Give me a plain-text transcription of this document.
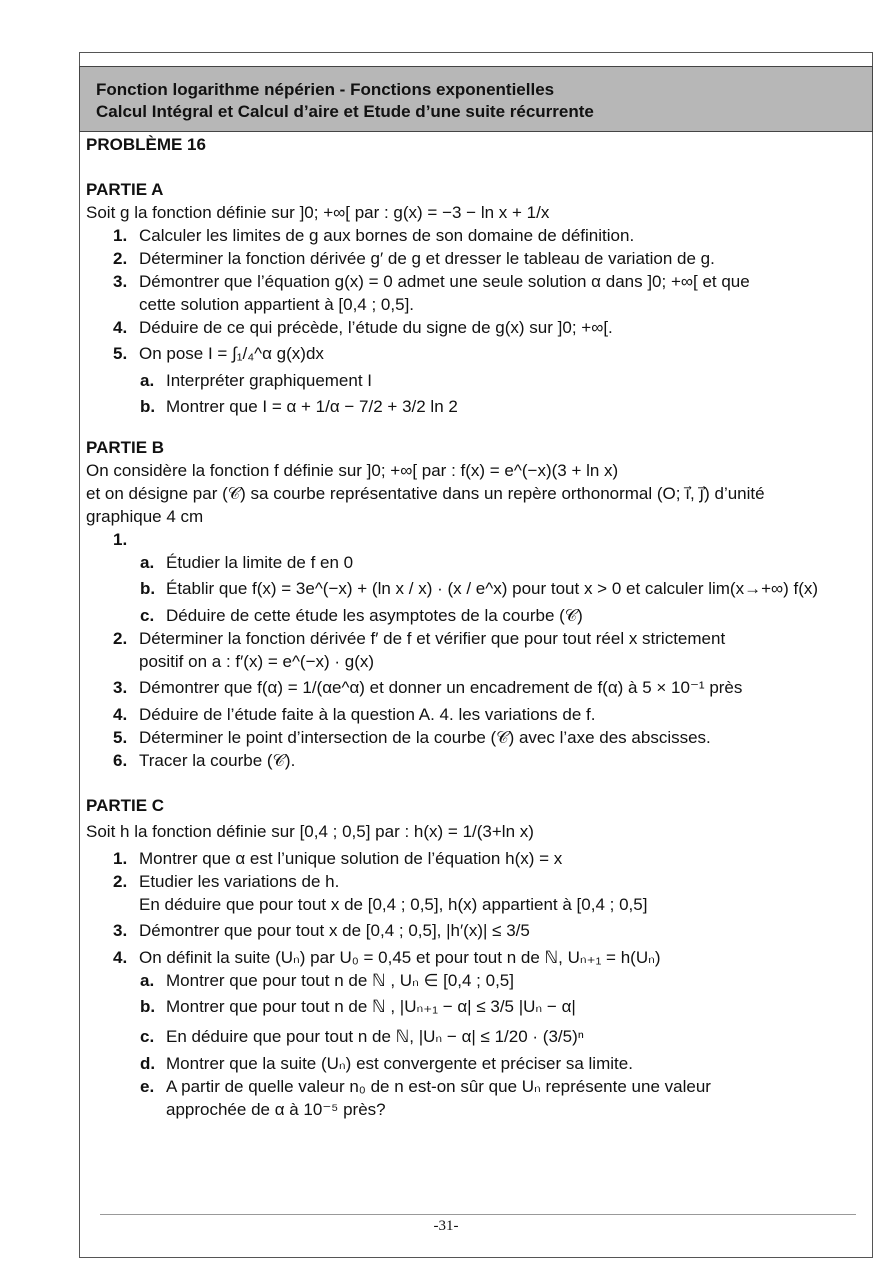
Fonction logarithme népérien - Fonctions exponentielles
Calcul Intégral et Calcul d’aire et Etude d’une suite récurrente
PROBLÈME 16
PARTIE A
Soit g la fonction définie sur ]0; +∞[ par : g(x) = −3 − ln x + 1/x
1. Calculer les limites de g aux bornes de son domaine de définition.
2. Déterminer la fonction dérivée g′ de g et dresser le tableau de variation de g.
3. Démontrer que l’équation g(x) = 0 admet une seule solution α dans ]0; +∞[ et que
cette solution appartient à [0,4 ; 0,5].
4. Déduire de ce qui précède, l’étude du signe de g(x) sur ]0; +∞[.
5. On pose I = ∫₁/₄^α g(x)dx
a. Interpréter graphiquement I
b. Montrer que I = α + 1/α − 7/2 + 3/2 ln 2
PARTIE B
On considère la fonction f définie sur ]0; +∞[ par : f(x) = e^(−x)(3 + ln x)
et on désigne par (𝒞) sa courbe représentative dans un repère orthonormal (O; i⃗, j⃗) d’unité
graphique 4 cm
1.

a. Étudier la limite de f en 0
b. Établir que f(x) = 3e^(−x) + (ln x / x) · (x / e^x) pour tout x > 0 et calculer lim(x→+∞) f(x)
c. Déduire de cette étude les asymptotes de la courbe (𝒞)
2. Déterminer la fonction dérivée f′ de f et vérifier que pour tout réel x strictement
positif on a : f′(x) = e^(−x) · g(x)
3. Démontrer que f(α) = 1/(αe^α) et donner un encadrement de f(α) à 5 × 10⁻¹ près
4. Déduire de l’étude faite à la question A. 4. les variations de f.
5. Déterminer le point d’intersection de la courbe (𝒞) avec l’axe des abscisses.
6. Tracer la courbe (𝒞).
PARTIE C
Soit h la fonction définie sur [0,4 ; 0,5] par : h(x) = 1/(3+ln x)
1. Montrer que α est l’unique solution de l’équation h(x) = x
2. Etudier les variations de h.
En déduire que pour tout x de [0,4 ; 0,5], h(x) appartient à [0,4 ; 0,5]
3. Démontrer que pour tout x de [0,4 ; 0,5], |h′(x)| ≤ 3/5
4. On définit la suite (Uₙ) par U₀ = 0,45 et pour tout n de ℕ, Uₙ₊₁ = h(Uₙ)
a. Montrer que pour tout n de ℕ , Uₙ ∈ [0,4 ; 0,5]
b. Montrer que pour tout n de ℕ , |Uₙ₊₁ − α| ≤ 3/5 |Uₙ − α|
c. En déduire que pour tout n de ℕ, |Uₙ − α| ≤ 1/20 · (3/5)ⁿ
d. Montrer que la suite (Uₙ) est convergente et préciser sa limite.
e. A partir de quelle valeur n₀ de n est-on sûr que Uₙ représente une valeur
approchée de α à 10⁻⁵ près?
-31-
